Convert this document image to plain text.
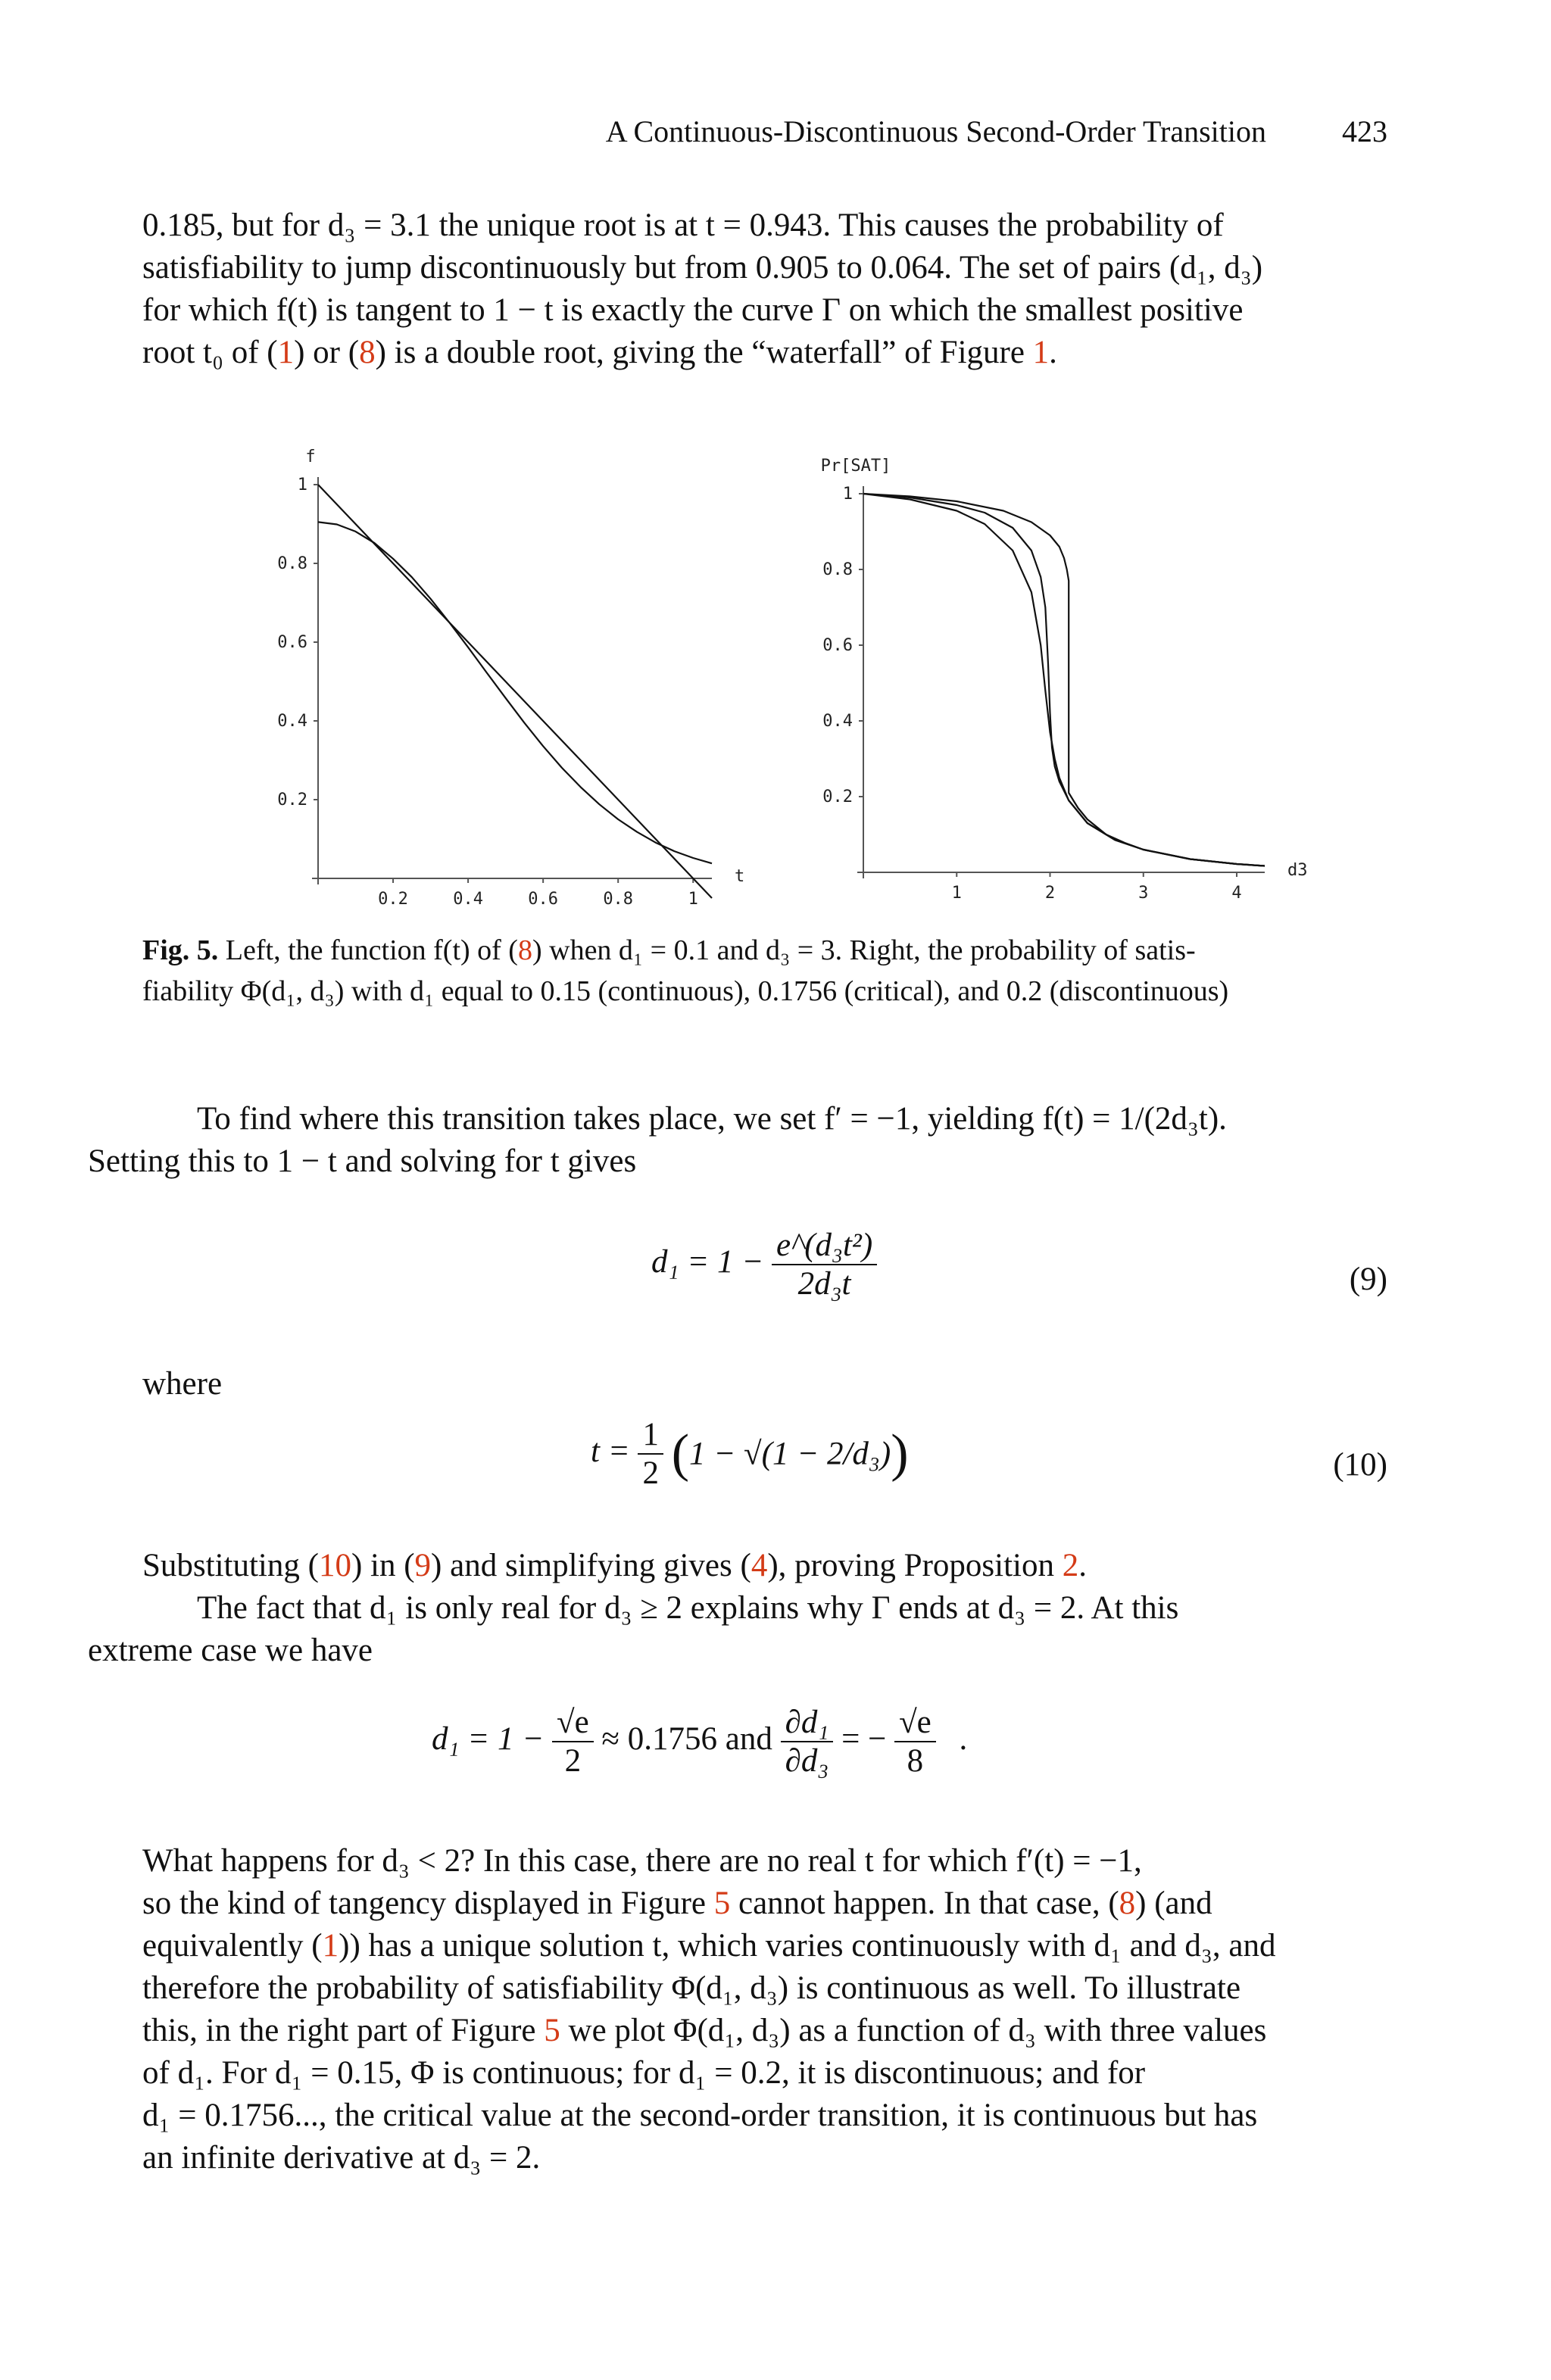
A Continuous-Discontinuous Second-Order Transition	423
0.185, but for d₃ = 3.1 the unique root is at t = 0.943. This causes the probability of
satisfiability to jump discontinuously but from 0.905 to 0.064. The set of pairs (d₁, d₃)
for which f(t) is tangent to 1 − t is exactly the curve Γ on which the smallest positive
root t₀ of (1) or (8) is a double root, giving the “waterfall” of Figure 1.
0.2
0.4
0.6
0.8
1
0.2	0.4	0.6	0.8	1
f
t
0.2
0.4
0.6
0.8
1
1	2	3	4
Pr[SAT]
d3
Fig. 5. Left, the function f(t) of (8) when d₁ = 0.1 and d₃ = 3. Right, the probability of satis-
fiability Φ(d₁, d₃) with d₁ equal to 0.15 (continuous), 0.1756 (critical), and 0.2 (discontinuous)
To find where this transition takes place, we set f′ = −1, yielding f(t) = 1/(2d₃t).
Setting this to 1 − t and solving for t gives
$d_1 = 1 - \frac{\text{e\textasciicircum{}(d₃t²)}}{\text{2d₃t}}$	(9)
where
$t = \frac{1}{2} (1 - √(1 - 2/d_3))$	(10)
Substituting (10) in (9) and simplifying gives (4), proving Proposition 2.
The fact that d₁ is only real for d₃ ≥ 2 explains why Γ ends at d₃ = 2. At this
extreme case we have
$d_1 = 1 - \frac{√e}{2} \approx 0.1756$ and $\frac{\text{∂d₁}}{\text{∂d₃}}$ = − $\frac{√e}{8}$ .
What happens for d₃ < 2? In this case, there are no real t for which f′(t) = −1,
so the kind of tangency displayed in Figure 5 cannot happen. In that case, (8) (and
equivalently (1)) has a unique solution t, which varies continuously with d₁ and d₃, and
therefore the probability of satisfiability Φ(d₁, d₃) is continuous as well. To illustrate
this, in the right part of Figure 5 we plot Φ(d₁, d₃) as a function of d₃ with three values
of d₁. For d₁ = 0.15, Φ is continuous; for d₁ = 0.2, it is discontinuous; and for
d₁ = 0.1756..., the critical value at the second-order transition, it is continuous but has
an infinite derivative at d₃ = 2.
